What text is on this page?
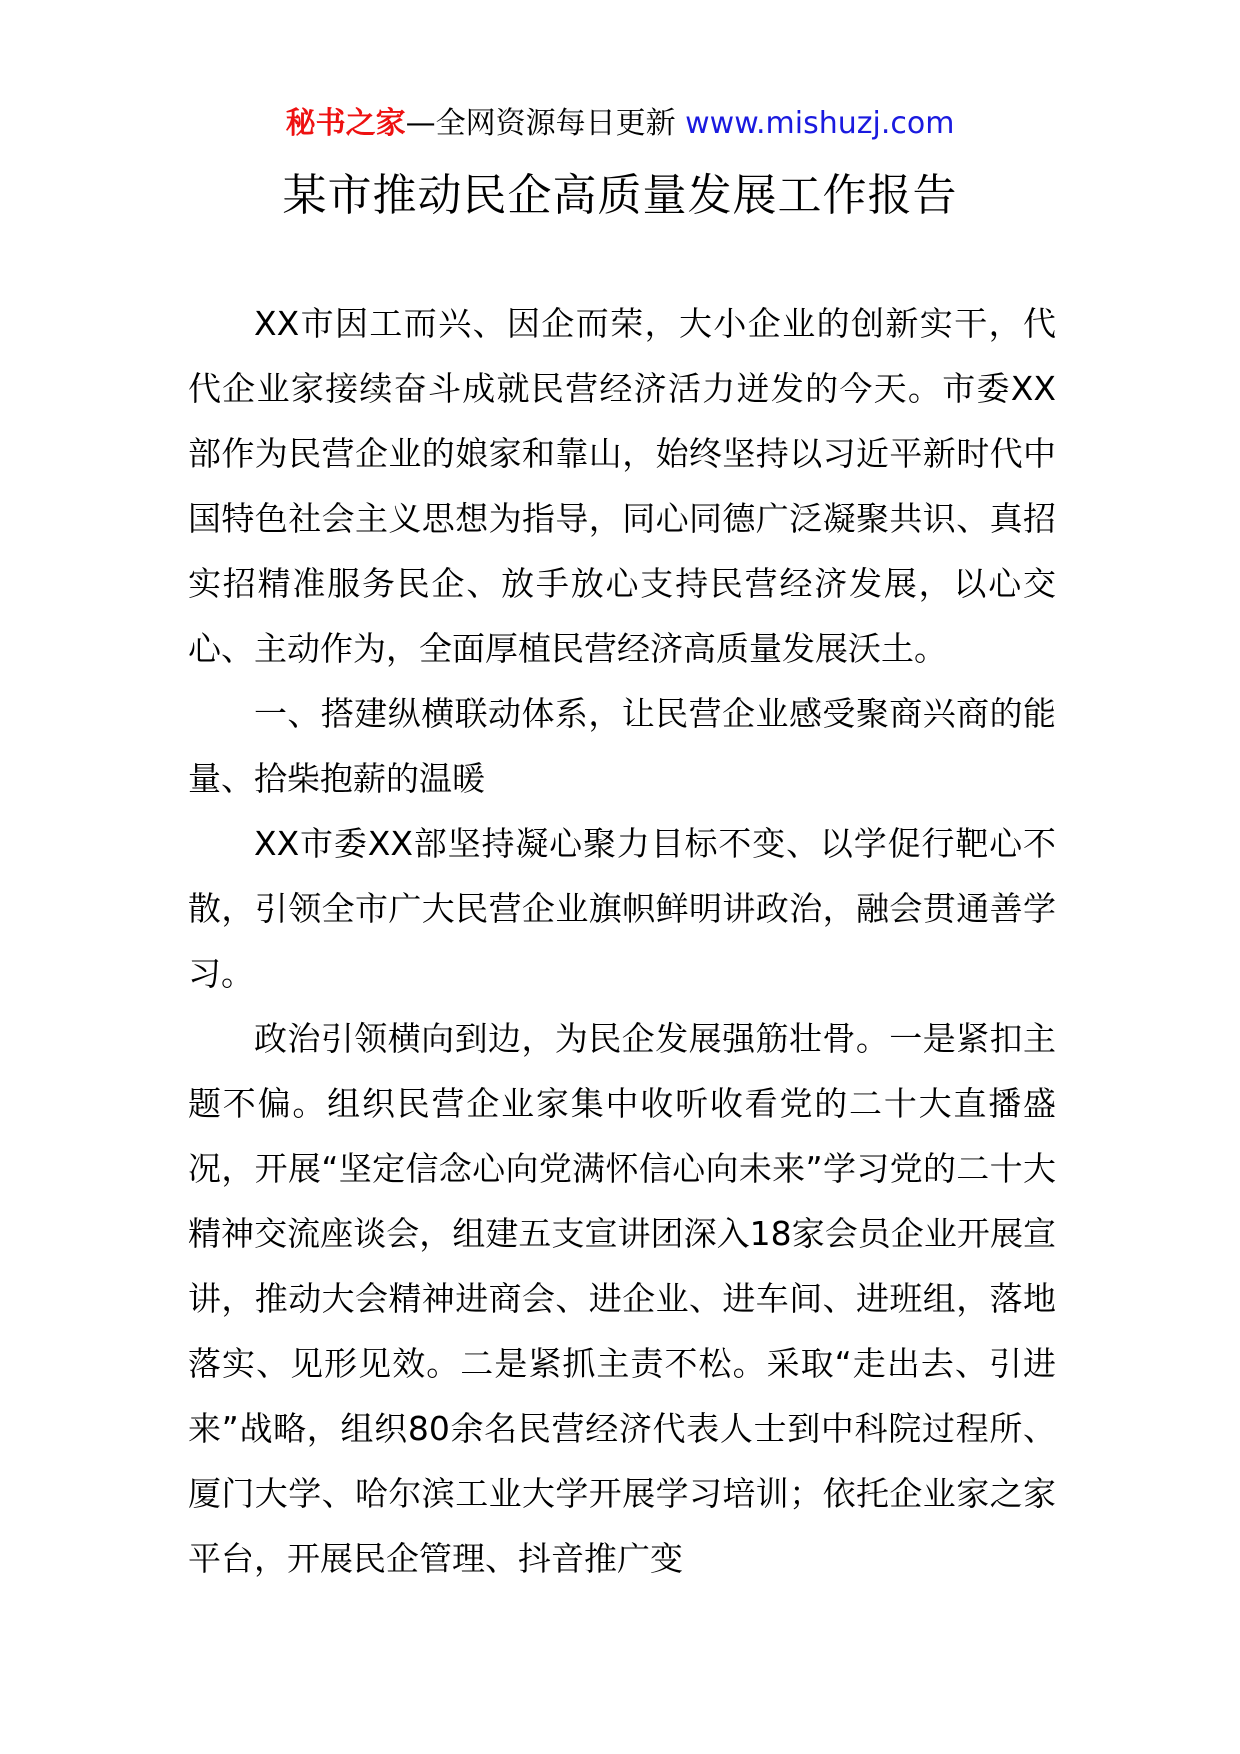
秘书之家—全网资源每日更新 www.mishuzj.com
某市推动民企高质量发展工作报告

XX市因工而兴、因企而荣，大小企业的创新实干，代代企业家接续奋斗成就民营经济活力迸发的今天。市委XX部作为民营企业的娘家和靠山，始终坚持以习近平新时代中国特色社会主义思想为指导，同心同德广泛凝聚共识、真招实招精准服务民企、放手放心支持民营经济发展，以心交心、主动作为，全面厚植民营经济高质量发展沃土。

一、搭建纵横联动体系，让民营企业感受聚商兴商的能量、拾柴抱薪的温暖

XX市委XX部坚持凝心聚力目标不变、以学促行靶心不散，引领全市广大民营企业旗帜鲜明讲政治，融会贯通善学习。

政治引领横向到边，为民企发展强筋壮骨。一是紧扣主题不偏。组织民营企业家集中收听收看党的二十大直播盛况，开展“坚定信念心向党满怀信心向未来”学习党的二十大精神交流座谈会，组建五支宣讲团深入18家会员企业开展宣讲，推动大会精神进商会、进企业、进车间、进班组，落地落实、见形见效。二是紧抓主责不松。采取“走出去、引进来”战略，组织80余名民营经济代表人士到中科院过程所、厦门大学、哈尔滨工业大学开展学习培训；依托企业家之家平台，开展民企管理、抖音推广变
